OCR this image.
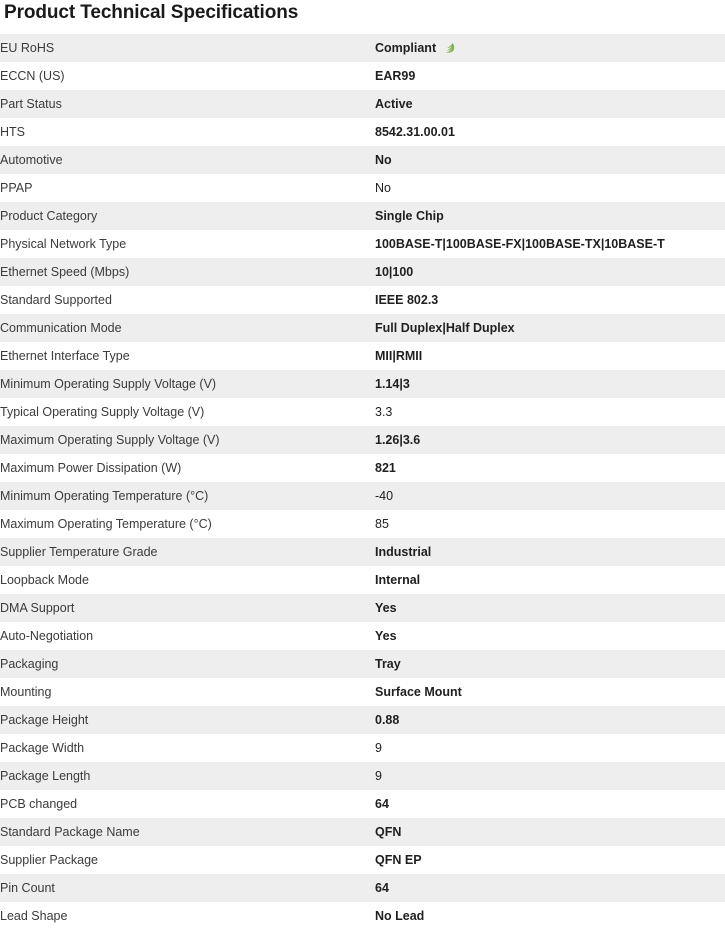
Product Technical Specifications
EU RoHS	Compliant

ECCN (US)	EAR99

Part Status	Active

HTS	8542.31.00.01

Automotive	No

PPAP	No

Product Category	Single Chip

Physical Network Type	100BASE-T|100BASE-FX|100BASE-TX|10BASE-T

Ethernet Speed (Mbps)	10|100

Standard Supported	IEEE 802.3

Communication Mode	Full Duplex|Half Duplex

Ethernet Interface Type	MII|RMII

Minimum Operating Supply Voltage (V)	1.14|3

Typical Operating Supply Voltage (V)	3.3

Maximum Operating Supply Voltage (V)	1.26|3.6

Maximum Power Dissipation (W)	821

Minimum Operating Temperature (°C)	-40

Maximum Operating Temperature (°C)	85

Supplier Temperature Grade	Industrial

Loopback Mode	Internal

DMA Support	Yes

Auto-Negotiation	Yes

Packaging	Tray

Mounting	Surface Mount

Package Height	0.88

Package Width	9

Package Length	9

PCB changed	64

Standard Package Name	QFN

Supplier Package	QFN EP

Pin Count	64

Lead Shape	No Lead
